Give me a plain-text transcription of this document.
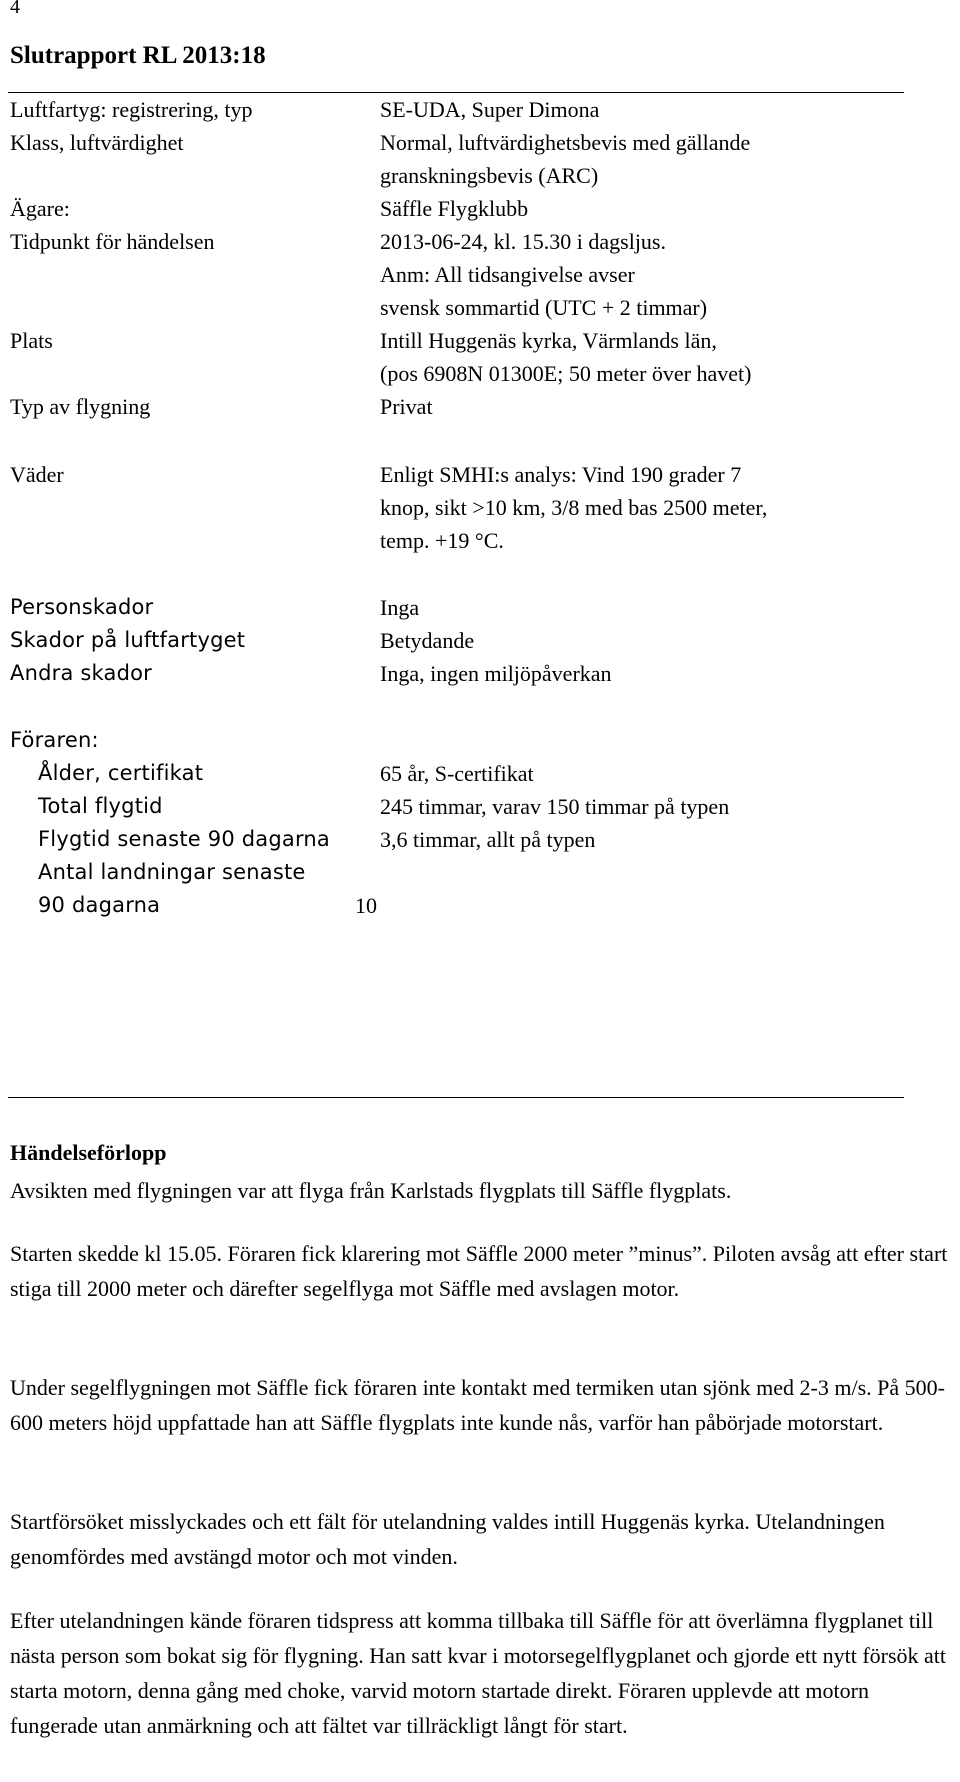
4
Slutrapport RL 2013:18
Luftfartyg: registrering, typ	SE-UDA, Super Dimona
Klass, luftvärdighet	Normal, luftvärdighetsbevis med gällande
granskningsbevis (ARC)
Ägare:	Säffle Flygklubb
Tidpunkt för händelsen	2013-06-24, kl. 15.30 i dagsljus.
Anm: All tidsangivelse avser
svensk sommartid (UTC + 2 timmar)
Plats	Intill Huggenäs kyrka, Värmlands län,
(pos 6908N 01300E; 50 meter över havet)
Typ av flygning	Privat
Väder	Enligt SMHI:s analys: Vind 190 grader 7
knop, sikt >10 km, 3/8 med bas 2500 meter,
temp. +19 °C.
Personskador	Inga
Skador på luftfartyget	Betydande
Andra skador	Inga, ingen miljöpåverkan
Föraren:
Ålder, certifikat	65 år, S-certifikat
Total flygtid	245 timmar, varav 150 timmar på typen
Flygtid senaste 90 dagarna 3,6 timmar, allt på typen
Antal landningar senaste
90 dagarna	10
Händelseförlopp

Avsikten med flygningen var att flyga från Karlstads flygplats till Säffle flygplats.

Starten skedde kl 15.05. Föraren fick klarering mot Säffle 2000 meter ”minus”. Piloten avsåg att efter start stiga till 2000 meter och därefter segelflyga mot Säffle med avslagen motor.

Under segelflygningen mot Säffle fick föraren inte kontakt med termiken utan sjönk med 2-3 m/s. På 500-600 meters höjd uppfattade han att Säffle flygplats inte kunde nås, varför han påbörjade motorstart.

Startförsöket misslyckades och ett fält för utelandning valdes intill Huggenäs kyrka. Utelandningen genomfördes med avstängd motor och mot vinden.

Efter utelandningen kände föraren tidspress att komma tillbaka till Säffle för att överlämna flygplanet till nästa person som bokat sig för flygning. Han satt kvar i motorsegelflygplanet och gjorde ett nytt försök att starta motorn, denna gång med choke, varvid motorn startade direkt. Föraren upplevde att motorn fungerade utan anmärkning och att fältet var tillräckligt långt för start.
